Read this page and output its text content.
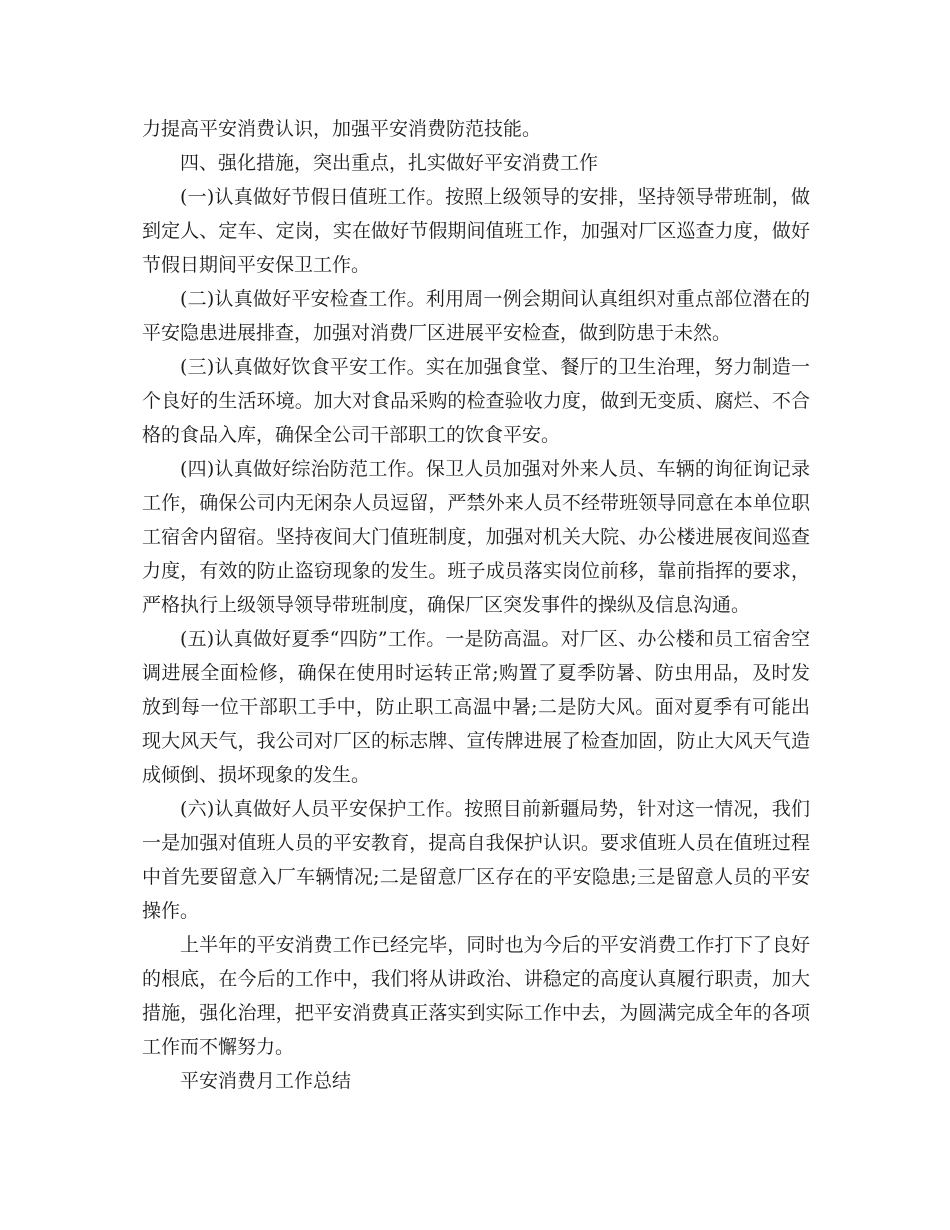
力提高平安消费认识，加强平安消费防范技能。

四、强化措施，突出重点，扎实做好平安消费工作

(一)认真做好节假日值班工作。按照上级领导的安排，坚持领导带班制，做到定人、定车、定岗，实在做好节假期间值班工作，加强对厂区巡查力度，做好节假日期间平安保卫工作。

(二)认真做好平安检查工作。利用周一例会期间认真组织对重点部位潜在的平安隐患进展排查，加强对消费厂区进展平安检查，做到防患于未然。

(三)认真做好饮食平安工作。实在加强食堂、餐厅的卫生治理，努力制造一个良好的生活环境。加大对食品采购的检查验收力度，做到无变质、腐烂、不合格的食品入库，确保全公司干部职工的饮食平安。

(四)认真做好综治防范工作。保卫人员加强对外来人员、车辆的询征询记录工作，确保公司内无闲杂人员逗留，严禁外来人员不经带班领导同意在本单位职工宿舍内留宿。坚持夜间大门值班制度，加强对机关大院、办公楼进展夜间巡查力度，有效的防止盗窃现象的发生。班子成员落实岗位前移，靠前指挥的要求，严格执行上级领导领导带班制度，确保厂区突发事件的操纵及信息沟通。

(五)认真做好夏季“四防”工作。一是防高温。对厂区、办公楼和员工宿舍空调进展全面检修，确保在使用时运转正常;购置了夏季防暑、防虫用品，及时发放到每一位干部职工手中，防止职工高温中暑;二是防大风。面对夏季有可能出现大风天气，我公司对厂区的标志牌、宣传牌进展了检查加固，防止大风天气造成倾倒、损坏现象的发生。

(六)认真做好人员平安保护工作。按照目前新疆局势，针对这一情况，我们一是加强对值班人员的平安教育，提高自我保护认识。要求值班人员在值班过程中首先要留意入厂车辆情况;二是留意厂区存在的平安隐患;三是留意人员的平安操作。

上半年的平安消费工作已经完毕，同时也为今后的平安消费工作打下了良好的根底，在今后的工作中，我们将从讲政治、讲稳定的高度认真履行职责，加大措施，强化治理，把平安消费真正落实到实际工作中去，为圆满完成全年的各项工作而不懈努力。

平安消费月工作总结
